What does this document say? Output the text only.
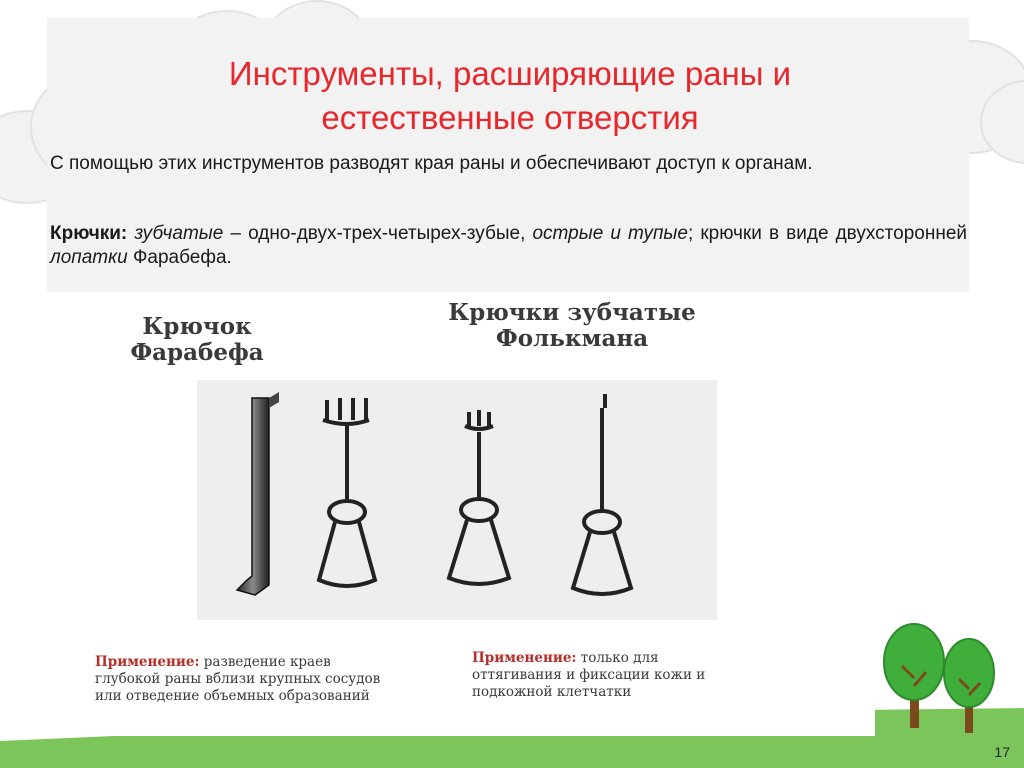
Инструменты, расширяющие раны и
естественные отверстия
С помощью этих инструментов разводят края раны и обеспечивают доступ к органам.
Крючки: зубчатые – одно-двух-трех-четырех-зубые, острые и тупые; крючки в виде двухсторонней лопатки Фарабефа.
Крючок
Фарабефа
Крючки зубчатые
Фолькмана
Применение: разведение краев
глубокой раны вблизи крупных сосудов
или отведение объемных образований
Применение: только для
оттягивания и фиксации кожи и
подкожной клетчатки
17
